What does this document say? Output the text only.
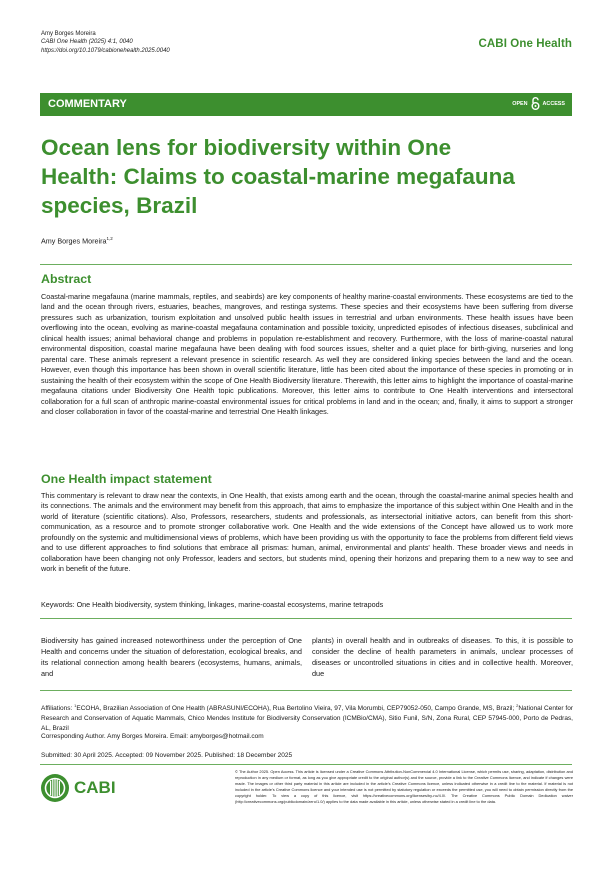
Amy Borges Moreira
CABI One Health (2025) 4:1, 0040
https://doi.org/10.1079/cabionehealth.2025.0040
CABI One Health
COMMENTARY	OPEN	ACCESS
Ocean lens for biodiversity within One
Health: Claims to coastal-marine megafauna
species, Brazil
Amy Borges Moreira$^{1,2}$
Abstract
Coastal-marine megafauna (marine mammals, reptiles, and seabirds) are key components of healthy marine-coastal environments. These ecosystems are tied to the land and the ocean through rivers, estuaries, beaches, mangroves, and restinga systems. These species and their ecosystems have been suffering from diverse pressures such as urbanization, tourism exploitation and unsolved public health issues in terrestrial and urban environments. These health issues have been overflowing into the ocean, evolving as marine-coastal megafauna contamination and possible toxicity, unpredicted episodes of infectious diseases, subclinical and clinical health issues; animal behavioral change and problems in population re-establishment and recovery. Furthermore, with the loss of marine-coastal natural environmental disposition, coastal marine megafauna have been dealing with food sources issues, shelter and a quiet place for birth-giving, nurseries and long parental care. These animals represent a relevant presence in scientific research. As well they are considered linking species between the land and the ocean. However, even though this importance has been shown in overall scientific literature, little has been cited about the importance of these species in promoting or in sustaining the health of their ecosystem within the scope of One Health Biodiversity literature. Therewith, this letter aims to highlight the importance of coastal-marine megafauna citations under Biodiversity One Health topic publications. Moreover, this letter aims to contribute to One Health interventions and intersectoral collaboration for a full scan of anthropic marine-coastal environmental issues for critical problems in land and in the ocean; and, finally, it aims to support a stronger and closer collaboration in favor of the coastal-marine and terrestrial One Health linkages.
One Health impact statement
This commentary is relevant to draw near the contexts, in One Health, that exists among earth and the ocean, through the coastal-marine animal species health and its connections. The animals and the environment may benefit from this approach, that aims to emphasize the importance of this subject within One Health and in the world of literature (scientific citations). Also, Professors, researchers, students and professionals, as intersectorial initiative actors, can benefit from this short-communication, as a resource and to promote stronger collaborative work. One Health and the wide extensions of the Concept have allowed us to work more profoundly on the systemic and multidimensional views of problems, which have been providing us with the opportunity to face the problems from different field views and to use different approaches to find solutions that embrace all prismas: human, animal, environmental and plants' health. These broader views and needs in collaboration have been changing not only Professor, leaders and sectors, but students mind, opening their horizons and preparing them to a new way to see and work in benefit of the future.
Keywords: One Health biodiversity, system thinking, linkages, marine-coastal ecosystems, marine tetrapods
Biodiversity has gained increased noteworthiness under the perception of One Health and concerns under the situation of deforestation, ecological breaks, and its relational connection among health bearers (ecosystems, humans, animals, and
plants) in overall health and in outbreaks of diseases. To this, it is possible to consider the decline of health parameters in animals, unclear processes of diseases or uncontrolled situations in cities and in collective health. Moreover, due
Affiliations: $^1$ECOHA, Brazilian Association of One Health (ABRASUNI/ECOHA), Rua Bertolino Vieira, 97, Vila Morumbi, CEP79052-050, Campo Grande, MS, Brazil; $^2$National Center for Research and Conservation of Aquatic Mammals, Chico Mendes Institute for Biodiversity Conservation (ICMBio/CMA), Sitio Funil, S/N, Zona Rural, CEP 57945-000, Porto de Pedras, AL, Brazil
Corresponding Author. Amy Borges Moreira. Email: amyborges@hotmail.com
Submitted: 30 April 2025. Accepted: 09 November 2025. Published: 18 December 2025
CABI
© The Author 2025. Open Access. This article is licensed under a Creative Commons Attribution-NonCommercial 4.0 International License, which permits use, sharing, adaptation, distribution and reproduction in any medium or format, as long as you give appropriate credit to the original author(s) and the source, provide a link to the Creative Commons licence, and indicate if changes were made. The images or other third party material in this article are included in the article's Creative Commons licence, unless indicated otherwise in a credit line to the material. If material is not included in the article's Creative Commons licence and your intended use is not permitted by statutory regulation or exceeds the permitted use, you will need to obtain permission directly from the copyright holder. To view a copy of this licence, visit https://creativecommons.org/licenses/by-nc/4.0/. The Creative Commons Public Domain Dedication waiver (http://creativecommons.org/publicdomain/zero/1.0/) applies to the data made available in this article, unless otherwise stated in a credit line to the data.
